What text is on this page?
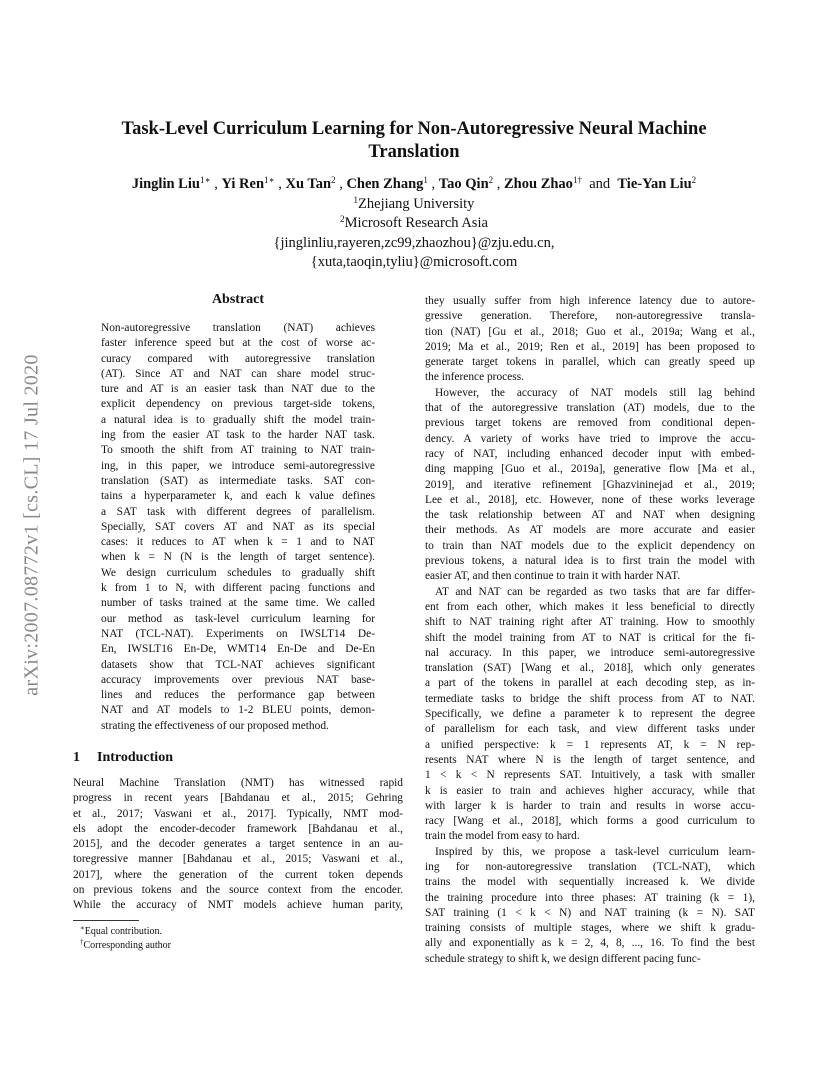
arXiv:2007.08772v1 [cs.CL] 17 Jul 2020
Task-Level Curriculum Learning for Non-Autoregressive Neural Machine
Translation
Jinglin Liu$^{1∗}$ , Yi Ren$^{1∗}$ , Xu Tan$^2$ , Chen Zhang$^1$ , Tao Qin$^2$ , Zhou Zhao$^{1\dagger}$ and Tie-Yan Liu$^2$
$^1$Zhejiang University
$^2$Microsoft Research Asia
{jinglinliu,rayeren,zc99,zhaozhou}@zju.edu.cn,
{xuta,taoqin,tyliu}@microsoft.com
Abstract
Non-autoregressive translation (NAT) achieves
faster inference speed but at the cost of worse ac-
curacy compared with autoregressive translation
(AT). Since AT and NAT can share model struc-
ture and AT is an easier task than NAT due to the
explicit dependency on previous target-side tokens,
a natural idea is to gradually shift the model train-
ing from the easier AT task to the harder NAT task.
To smooth the shift from AT training to NAT train-
ing, in this paper, we introduce semi-autoregressive
translation (SAT) as intermediate tasks. SAT con-
tains a hyperparameter k, and each k value defines
a SAT task with different degrees of parallelism.
Specially, SAT covers AT and NAT as its special
cases: it reduces to AT when k = 1 and to NAT
when k = N (N is the length of target sentence).
We design curriculum schedules to gradually shift
k from 1 to N, with different pacing functions and
number of tasks trained at the same time. We called
our method as task-level curriculum learning for
NAT (TCL-NAT). Experiments on IWSLT14 De-
En, IWSLT16 En-De, WMT14 En-De and De-En
datasets show that TCL-NAT achieves significant
accuracy improvements over previous NAT base-
lines and reduces the performance gap between
NAT and AT models to 1-2 BLEU points, demon-
strating the effectiveness of our proposed method.
1 Introduction
Neural Machine Translation (NMT) has witnessed rapid
progress in recent years [Bahdanau et al., 2015; Gehring
et al., 2017; Vaswani et al., 2017]. Typically, NMT mod-
els adopt the encoder-decoder framework [Bahdanau et al.,
2015], and the decoder generates a target sentence in an au-
toregressive manner [Bahdanau et al., 2015; Vaswani et al.,
2017], where the generation of the current token depends
on previous tokens and the source context from the encoder.
While the accuracy of NMT models achieve human parity,
they usually suffer from high inference latency due to autore-
gressive generation. Therefore, non-autoregressive transla-
tion (NAT) [Gu et al., 2018; Guo et al., 2019a; Wang et al.,
2019; Ma et al., 2019; Ren et al., 2019] has been proposed to
generate target tokens in parallel, which can greatly speed up
the inference process.
However, the accuracy of NAT models still lag behind
that of the autoregressive translation (AT) models, due to the
previous target tokens are removed from conditional depen-
dency. A variety of works have tried to improve the accu-
racy of NAT, including enhanced decoder input with embed-
ding mapping [Guo et al., 2019a], generative flow [Ma et al.,
2019], and iterative refinement [Ghazvininejad et al., 2019;
Lee et al., 2018], etc. However, none of these works leverage
the task relationship between AT and NAT when designing
their methods. As AT models are more accurate and easier
to train than NAT models due to the explicit dependency on
previous tokens, a natural idea is to first train the model with
easier AT, and then continue to train it with harder NAT.
AT and NAT can be regarded as two tasks that are far differ-
ent from each other, which makes it less beneficial to directly
shift to NAT training right after AT training. How to smoothly
shift the model training from AT to NAT is critical for the fi-
nal accuracy. In this paper, we introduce semi-autoregressive
translation (SAT) [Wang et al., 2018], which only generates
a part of the tokens in parallel at each decoding step, as in-
termediate tasks to bridge the shift process from AT to NAT.
Specifically, we define a parameter k to represent the degree
of parallelism for each task, and view different tasks under
a unified perspective: k = 1 represents AT, k = N rep-
resents NAT where N is the length of target sentence, and
1 < k < N represents SAT. Intuitively, a task with smaller
k is easier to train and achieves higher accuracy, while that
with larger k is harder to train and results in worse accu-
racy [Wang et al., 2018], which forms a good curriculum to
train the model from easy to hard.
Inspired by this, we propose a task-level curriculum learn-
ing for non-autoregressive translation (TCL-NAT), which
trains the model with sequentially increased k. We divide
the training procedure into three phases: AT training (k = 1),
SAT training (1 < k < N) and NAT training (k = N). SAT
training consists of multiple stages, where we shift k gradu-
ally and exponentially as k = 2, 4, 8, ..., 16. To find the best
schedule strategy to shift k, we design different pacing func-
∗Equal contribution.
†Corresponding author
